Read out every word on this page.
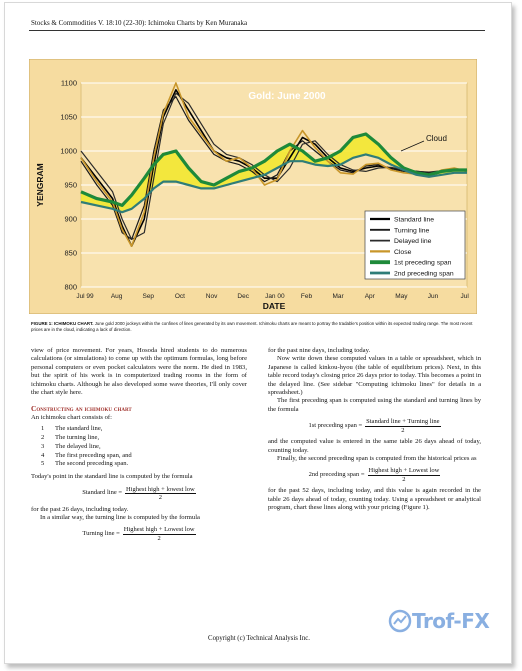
Stocks & Commodities V. 18:10 (22-30): Ichimoku Charts by Ken Muranaka
800
850
900
950
1000
1050
1100
Jul 99	Aug	Sep	Oct	Nov	Dec Jan 00	Feb	Mar	Apr	May	Jun	Jul
Gold: June 2000
Cloud
DATE
YENGRAM
Standard line
Turning line
Delayed line
Close
1st preceding span
2nd preceding span
FIGURE 1: ICHIMOKU CHART. June gold 2000 jockeys within the confines of lines generated by its own movement. Ichimoku charts are meant to portray the tradable's position within its expected trading range. The most recent prices are in the cloud, indicating a lack of direction.

view of price movement. For years, Hosoda hired students to do numerous calculations (or simulations) to come up with the optimum formulas, long before personal computers or even pocket calculators were the norm. He died in 1983, but the spirit of his work is in computerized trading rooms in the form of ichimoku charts. Although he also developed some wave theories, I'll only cover the chart style here.

Constructing an ichimoku chart

An ichimoku chart consists of:

1 The standard line,
2 The turning line,
3 The delayed line,
4 The first preceding span, and
5 The second preceding span.

Today's point in the standard line is computed by the formula

Standard line = $\frac{\text{Highest high + lowest low}}{2}$

for the past 26 days, including today.

In a similar way, the turning line is computed by the formula

Turning line = $\frac{\text{Highest high + Lowest low}}{2}$

for the past nine days, including today.

Now write down these computed values in a table or spreadsheet, which in Japanese is called kinkou-hyou (the table of equilibrium prices). Next, in this table record today's closing price 26 days prior to today. This becomes a point in the delayed line. (See sidebar "Computing ichimoku lines" for details in a spreadsheet.)

The first preceding span is computed using the standard and turning lines by the formula

1st preceding span = $\frac{\text{Standard line + Turning line}}{2}$

and the computed value is entered in the same table 26 days ahead of today, counting today.

Finally, the second preceding span is computed from the historical prices as

2nd preceding span = $\frac{\text{Highest high + Lowest low}}{2}$

for the past 52 days, including today, and this value is again recorded in the table 26 days ahead of today, counting today. Using a spreadsheet or analytical program, chart these lines along with your pricing (Figure 1).

Copyright (c) Technical Analysis Inc.
Trof-FX
